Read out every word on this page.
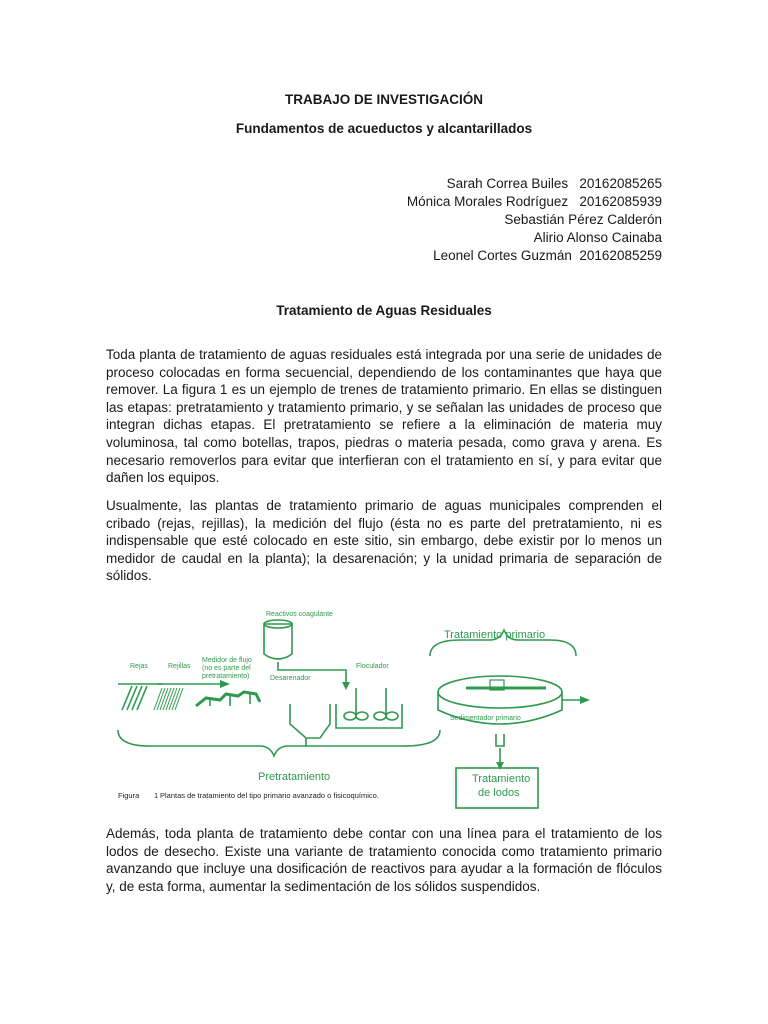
TRABAJO DE INVESTIGACIÓN
Fundamentos de acueductos y alcantarillados
Sarah Correa Builes   20162085265
Mónica Morales Rodríguez   20162085939
Sebastián Pérez Calderón
Alirio Alonso Cainaba
Leonel Cortes Guzmán  20162085259
Tratamiento de Aguas Residuales
Toda planta de tratamiento de aguas residuales está integrada por una serie de unidades de proceso colocadas en forma secuencial, dependiendo de los contaminantes que haya que remover. La figura 1 es un ejemplo de trenes de tratamiento primario. En ellas se distinguen las etapas: pretratamiento y tratamiento primario, y se señalan las unidades de proceso que integran dichas etapas. El pretratamiento se refiere a la eliminación de materia muy voluminosa, tal como botellas, trapos, piedras o materia pesada, como grava y arena. Es necesario removerlos para evitar que interfieran con el tratamiento en sí, y para evitar que dañen los equipos.
Usualmente, las plantas de tratamiento primario de aguas municipales comprenden el cribado (rejas, rejillas), la medición del flujo (ésta no es parte del pretratamiento, ni es indispensable que esté colocado en este sitio, sin embargo, debe existir por lo menos un medidor de caudal en la planta); la desarenación; y la unidad primaria de separación de sólidos.
Reactivos coagulante
Rejas	Rejillas
Medidor de flujo
(no es parte del
pretratamiento)	Desarenador
Floculador
Sedimentador primario
Tratamiento primario
Pretratamiento	Tratamiento
de lodos
Figura 1 Plantas de tratamiento del tipo primario avanzado o fisicoquímico.
Además, toda planta de tratamiento debe contar con una línea para el tratamiento de los lodos de desecho. Existe una variante de tratamiento conocida como tratamiento primario avanzando que incluye una dosificación de reactivos para ayudar a la formación de flóculos y, de esta forma, aumentar la sedimentación de los sólidos suspendidos.
